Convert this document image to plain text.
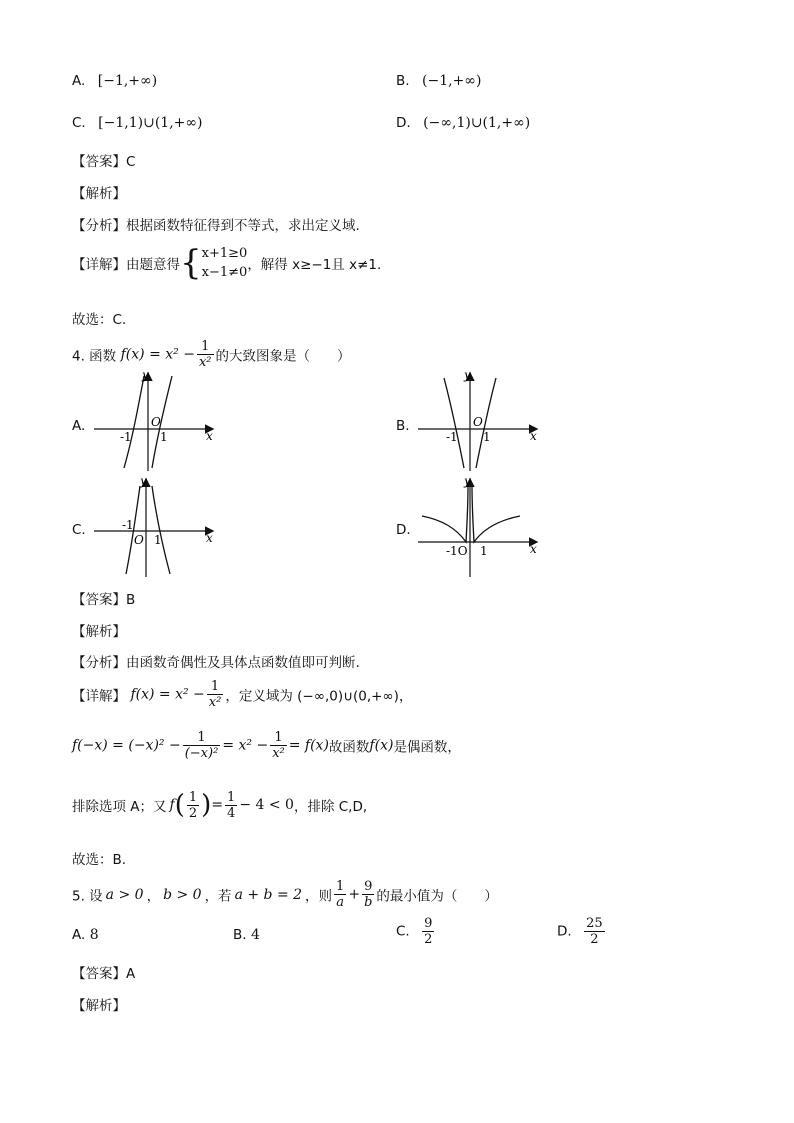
A. [−1,+∞)	B. (−1,+∞)
C. [−1,1)∪(1,+∞)	D. (−∞,1)∪(1,+∞)
【答案】C
【解析】
【分析】根据函数特征得到不等式，求出定义域.
【详解】由题意得{ x+1≥0
x−1≠0 ，解得 x≥−1且 x≠1.
故选：C.
4. 函数 $f(x) = x^2 - \frac{1}{\text{x²}}$ 的大致图象是（　　）
A.	B.
C.	D.
y
x
O
-1 1
y
x
O
-1 1
y
x
O
-1
1
y
x
-1O 1
【答案】B
【解析】
【分析】由函数奇偶性及具体点函数值即可判断.
【详解】 $f(x) = x^2 - \frac{1}{\text{x²}}$ ，定义域为 (−∞,0)∪(0,+∞)，
$f(-x) = (-x)^2 - \frac{1}{\text{(−x)²}} = x^2 - \frac{1}{\text{x²}} = f(x)$故函数f(x)是偶函数，
排除选项 A；又 $f( \frac{1}{2}$ )= $\frac{1}{4} - 4 < 0$，排除 C,D,
故选：B.
5. 设 a > 0 ， b > 0 ，若 a + b = 2 ，则 $\frac{1}{a} + \frac{9}{b}$ 的最小值为（　　）
A. 8	B. 4	C. $\frac{9}{2}$	D. $\frac{25}{2}$
【答案】A
【解析】
